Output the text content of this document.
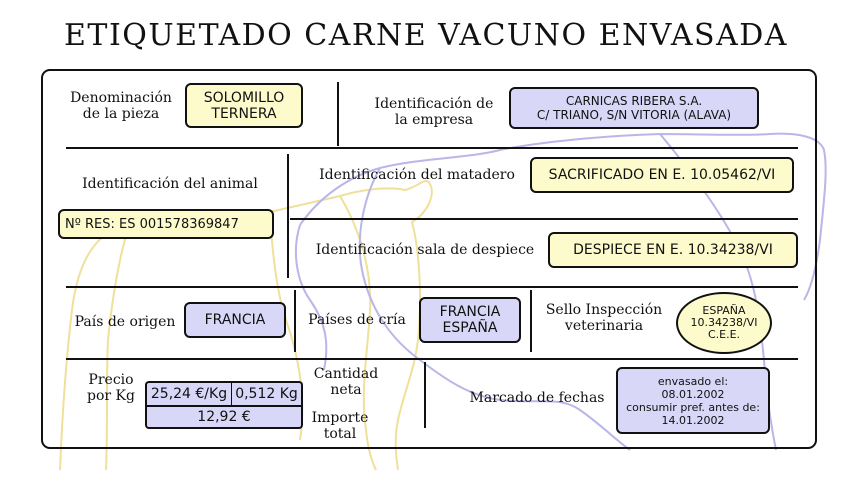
ETIQUETADO CARNE VACUNO ENVASADA
Denominación
de la pieza
SOLOMILLO
TERNERA
Identificación de
la empresa
CARNICAS RIBERA S.A.
C/ TRIANO, S/N VITORIA (ALAVA)
Identificación del animal
Nº RES: ES 001578369847
Identificación del matadero	SACRIFICADO EN E. 10.05462/VI
Identificación sala de despiece	DESPIECE EN E. 10.34238/VI
País de origen	FRANCIA	Países de cría	FRANCIA
ESPAÑA
Sello Inspección
veterinaria
ESPAÑA
10.34238/VI
C.E.E.
Precio
por Kg	25,24 €/Kg 0,512 Kg
12,92 €
Cantidad
neta
Importe
total
Marcado de fechas
envasado el:
08.01.2002
consumir pref. antes de:
14.01.2002
